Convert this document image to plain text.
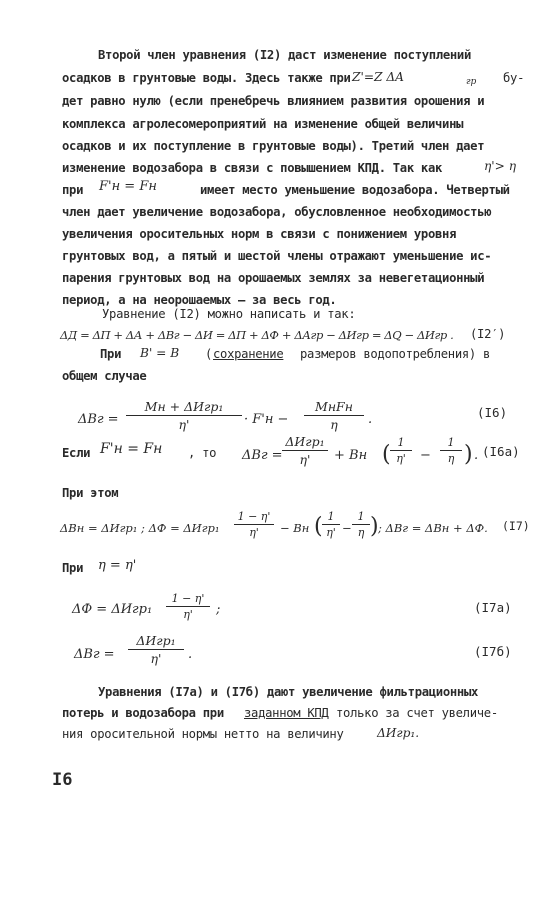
Второй член уравнения (I2) даст изменение поступлений
осадков в грунтовые воды. Здесь также при Z'=Z ΔA	гр бу-
дет равно нулю (если пренебречь влиянием развития орошения и
комплекса агролесомероприятий на изменение общей величины
осадков и их поступление в грунтовые воды). Третий член дает
изменение водозабора в связи с повышением КПД. Так как	η'> η
при F'н = Fн	имеет место уменьшение водозабора. Четвертый
член дает увеличение водозабора, обусловленное необходимостью
увеличения оросительных норм в связи с понижением уровня
грунтовых вод, а пятый и шестой члены отражают уменьшение ис-
парения грунтовых вод на орошаемых землях за невегетационный
период, а на неорошаемых – за весь год.
Уравнение (I2) можно написать и так:
ΔД = ΔП + ΔА + ΔВг − ΔИ = ΔП + ΔФ + ΔАгр − ΔИгр = ΔQ − ΔИгр . (I2′)
При B' = B ( сохранение размеров водопотребления) в
общем случае
ΔBг =
Mн + ΔИгр₁
η'	· F'н −
MнFн
η	.	(I6)
Если F'н = Fн , то ΔBг =
ΔИгр₁
η'	+ Bн ( $\frac{1}{\eta'} - \frac{1}{\eta}$ ) . (I6a)
При этом
ΔBн = ΔИгр₁ ; $\Delta Ф = \Delta Игр_1 \frac{1 - \eta'}{\eta'}$ − Bн ( $\frac{1}{\eta'} - \frac{1}{\eta}$ ) ; ΔBг = ΔBн + ΔФ. (I7)
При η = η'
$\Delta Ф = \Delta Игр_1 \frac{1 - \eta'}{\eta'}$ ;	(I7a)
ΔBг =
ΔИгр₁
η'	.	(I7б)
Уравнения (I7a) и (I7б) дают увеличение фильтрационных
потерь и водозабора при заданном КПД только за счет увеличе-
ния оросительной нормы нетто на величину	ΔИгр₁.
I6
